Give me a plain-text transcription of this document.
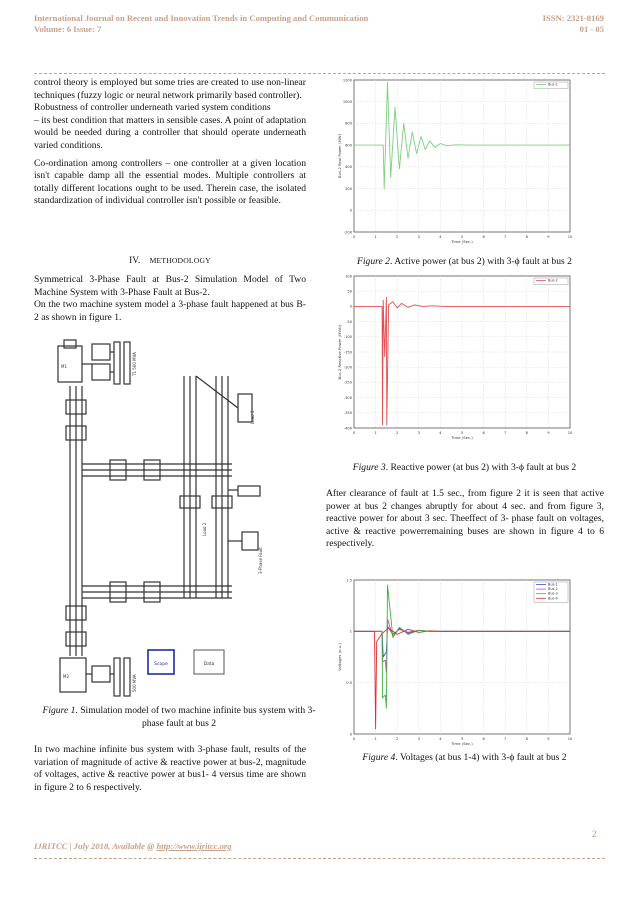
International Journal on Recent and Innovation Trends in Computing and Communication
Volume: 6 Issue: 7
ISSN: 2321-8169
01 - 05

control theory is employed but some tries are created to use non-linear techniques (fuzzy logic or neural network primarily based controller).

Robustness of controller underneath varied system conditions

– its best condition that matters in sensible cases. A point of adaptation would be needed during a controller that should operate underneath varied conditions.

Co-ordination among controllers – one controller at a given location isn't capable damp all the essential modes. Multiple controllers at totally different locations ought to be used. Therein case, the isolated standardization of individual controller isn't possible or feasible.

IV. METHODOLOGY

Symmetrical 3-Phase Fault at Bus-2 Simulation Model of Two Machine System with 3-Phase Fault at Bus-2.

On the two machine system model a 3-phase fault happened at bus B-2 as shown in figure 1.

Scope	Data
M1
M2
T1 500 MVA
500 MVA
Load 1
3-Phase Fault
Load 2
Figure 1. Simulation model of two machine infinite bus system with 3-phase fault at bus 2

In two machine infinite bus system with 3-phase fault, results of the variation of magnitude of active & reactive power at bus-2, magnitude of voltages, active & reactive power at bus1- 4 versus time are shown in figure 2 to 6 respectively.

0	1	2	3	4	5	6	7	8	9	10
1200
1000
800
600
400
200
0
-200
Time (Sec.)
Bus-2 Real Power (MW)
Bus-2
Figure 2. Active power (at bus 2) with 3-ϕ fault at bus 2
0	1	2	3	4	5	6	7	8	9	10
100
50
0
-50
-100
-150
-200
-250
-300
-350
-400
Time (Sec.)
Bus-2 Reactive Power (MVAr)
Bus-2
Figure 3. Reactive power (at bus 2) with 3-ϕ fault at bus 2

After clearance of fault at 1.5 sec., from figure 2 it is seen that active power at bus 2 changes abruptly for about 4 sec. and from figure 3, reactive power for about 3 sec. Theeffect of 3- phase fault on voltages, active & reactive powerremaining buses are shown in figure 4 to 6 respectively.

0	1	2	3	4	5	6	7	8	9	10
1.5
1
0.5
0
Time (Sec.)
Voltages (p.u.)
Bus-1
Bus-2
Bus-3
Bus-4
Figure 4. Voltages (at bus 1-4) with 3-ϕ fault at bus 2
2
IJRITCC | July 2018, Available @ http://www.ijritcc.org
